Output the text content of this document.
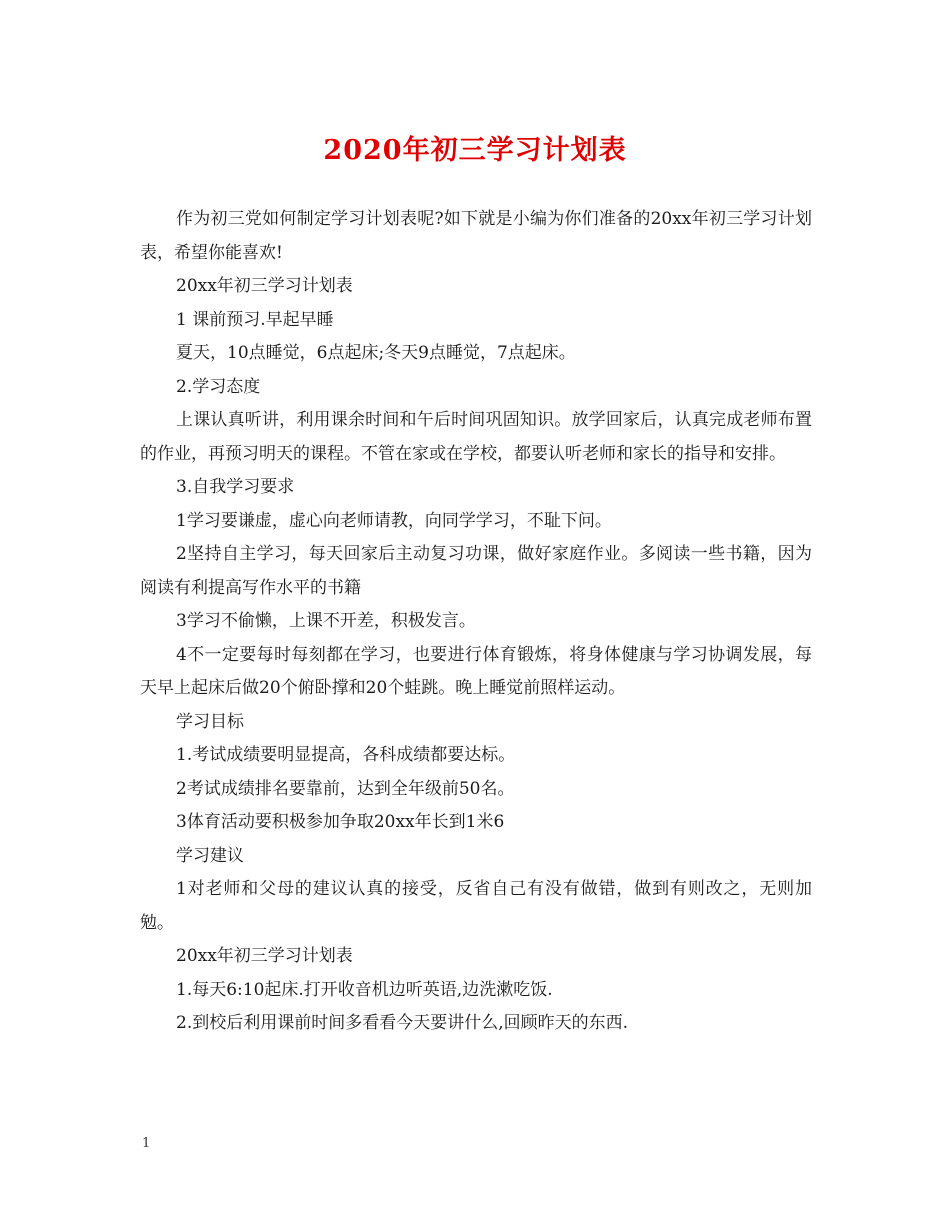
2020年初三学习计划表

作为初三党如何制定学习计划表呢?如下就是小编为你们准备的20xx年初三学习计划表，希望你能喜欢!

20xx年初三学习计划表

1 课前预习.早起早睡

夏天，10点睡觉，6点起床;冬天9点睡觉，7点起床。

2.学习态度

上课认真听讲，利用课余时间和午后时间巩固知识。放学回家后，认真完成老师布置的作业，再预习明天的课程。不管在家或在学校，都要认听老师和家长的指导和安排。

3.自我学习要求

1学习要谦虚，虚心向老师请教，向同学学习，不耻下问。

2坚持自主学习，每天回家后主动复习功课，做好家庭作业。多阅读一些书籍，因为阅读有利提高写作水平的书籍

3学习不偷懒，上课不开差，积极发言。

4不一定要每时每刻都在学习，也要进行体育锻炼，将身体健康与学习协调发展，每天早上起床后做20个俯卧撑和20个蛙跳。晚上睡觉前照样运动。

学习目标

1.考试成绩要明显提高，各科成绩都要达标。

2考试成绩排名要靠前，达到全年级前50名。

3体育活动要积极参加争取20xx年长到1米6

学习建议

1对老师和父母的建议认真的接受，反省自己有没有做错，做到有则改之，无则加勉。

20xx年初三学习计划表

1.每天6:10起床.打开收音机边听英语,边洗漱吃饭.

2.到校后利用课前时间多看看今天要讲什么,回顾昨天的东西.

1
